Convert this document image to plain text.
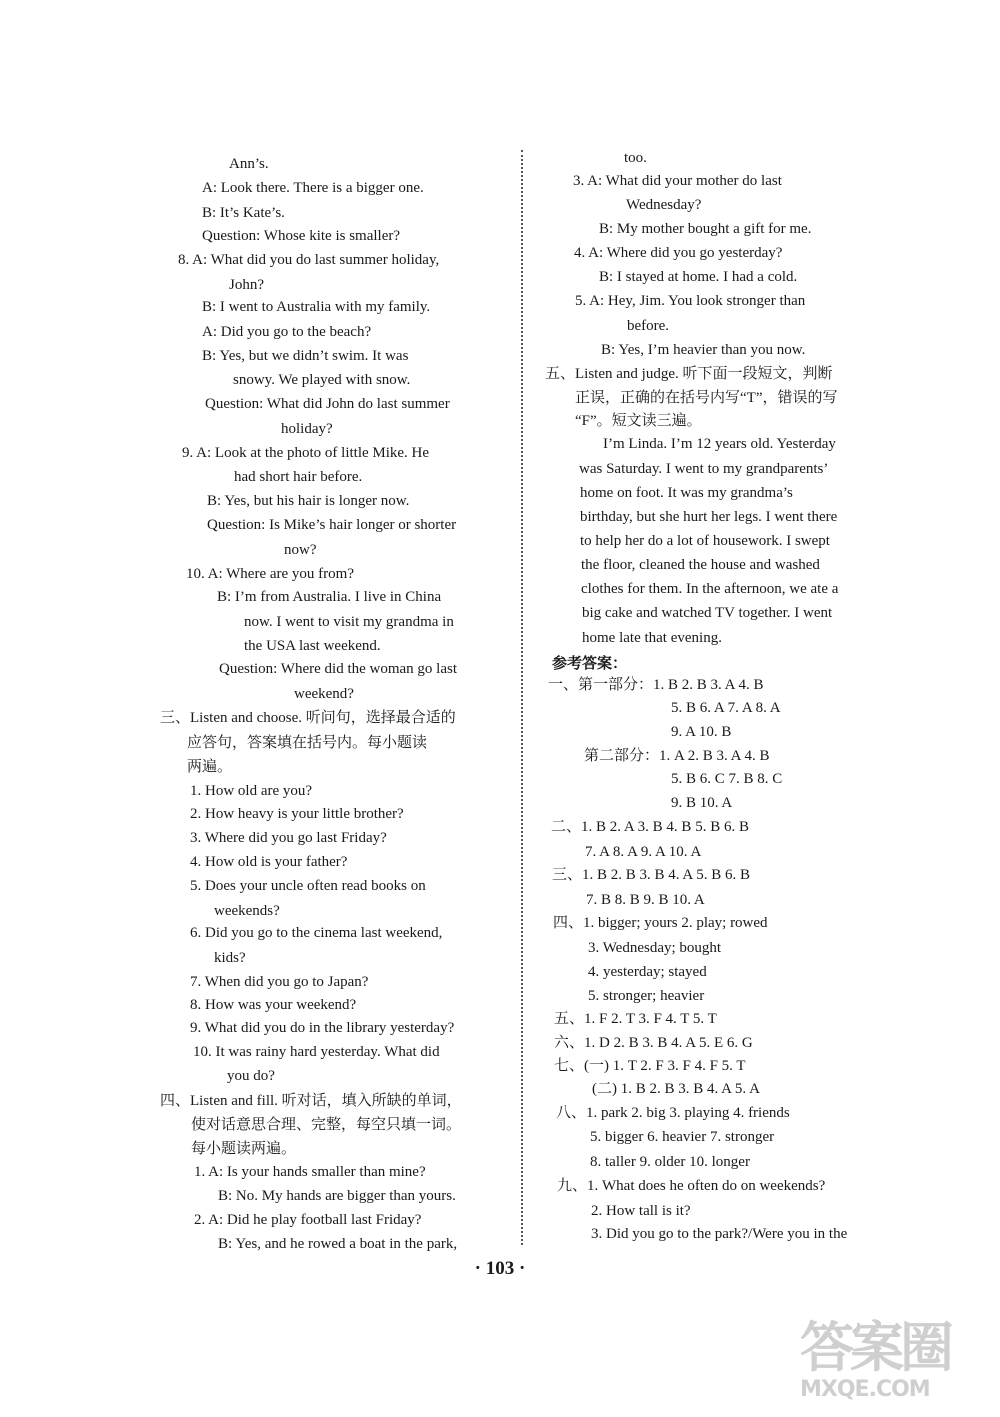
Ann’s.
A: Look there. There is a bigger one.
B: It’s Kate’s.
Question: Whose kite is smaller?
8. A: What did you do last summer holiday,
John?
B: I went to Australia with my family.
A: Did you go to the beach?
B: Yes, but we didn’t swim. It was
snowy. We played with snow.
Question: What did John do last summer
holiday?
9. A: Look at the photo of little Mike. He
had short hair before.
B: Yes, but his hair is longer now.
Question: Is Mike’s hair longer or shorter
now?
10. A: Where are you from?
B: I’m from Australia. I live in China
now. I went to visit my grandma in
the USA last weekend.
Question: Where did the woman go last
weekend?
三、Listen and choose. 听问句，选择最合适的
应答句，答案填在括号内。每小题读
两遍。
1. How old are you?
2. How heavy is your little brother?
3. Where did you go last Friday?
4. How old is your father?
5. Does your uncle often read books on
weekends?
6. Did you go to the cinema last weekend,
kids?
7. When did you go to Japan?
8. How was your weekend?
9. What did you do in the library yesterday?
10. It was rainy hard yesterday. What did
you do?
四、Listen and fill. 听对话，填入所缺的单词，
使对话意思合理、完整，每空只填一词。
每小题读两遍。
1. A: Is your hands smaller than mine?
B: No. My hands are bigger than yours.
2. A: Did he play football last Friday?
B: Yes, and he rowed a boat in the park,
too.
3. A: What did your mother do last
Wednesday?
B: My mother bought a gift for me.
4. A: Where did you go yesterday?
B: I stayed at home. I had a cold.
5. A: Hey, Jim. You look stronger than
before.
B: Yes, I’m heavier than you now.
五、Listen and judge. 听下面一段短文，判断
正误，正确的在括号内写“T”，错误的写
“F”。短文读三遍。
I’m Linda. I’m 12 years old. Yesterday
was Saturday. I went to my grandparents’
home on foot. It was my grandma’s
birthday, but she hurt her legs. I went there
to help her do a lot of housework. I swept
the floor, cleaned the house and washed
clothes for them. In the afternoon, we ate a
big cake and watched TV together. I went
home late that evening.
参考答案：
一、第一部分：1. B 2. B 3. A 4. B
5. B 6. A 7. A 8. A
9. A 10. B
第二部分：1. A 2. B 3. A 4. B
5. B 6. C 7. B 8. C
9. B 10. A
二、1. B 2. A 3. B 4. B 5. B 6. B
7. A 8. A 9. A 10. A
三、1. B 2. B 3. B 4. A 5. B 6. B
7. B 8. B 9. B 10. A
四、1. bigger; yours 2. play; rowed
3. Wednesday; bought
4. yesterday; stayed
5. stronger; heavier
五、1. F 2. T 3. F 4. T 5. T
六、1. D 2. B 3. B 4. A 5. E 6. G
七、(一) 1. T 2. F 3. F 4. F 5. T
(二) 1. B 2. B 3. B 4. A 5. A
八、1. park 2. big 3. playing 4. friends
5. bigger 6. heavier 7. stronger
8. taller 9. older 10. longer
九、1. What does he often do on weekends?
2. How tall is it?
3. Did you go to the park?/Were you in the
· 103 ·
答案圈
MXQE.COM
